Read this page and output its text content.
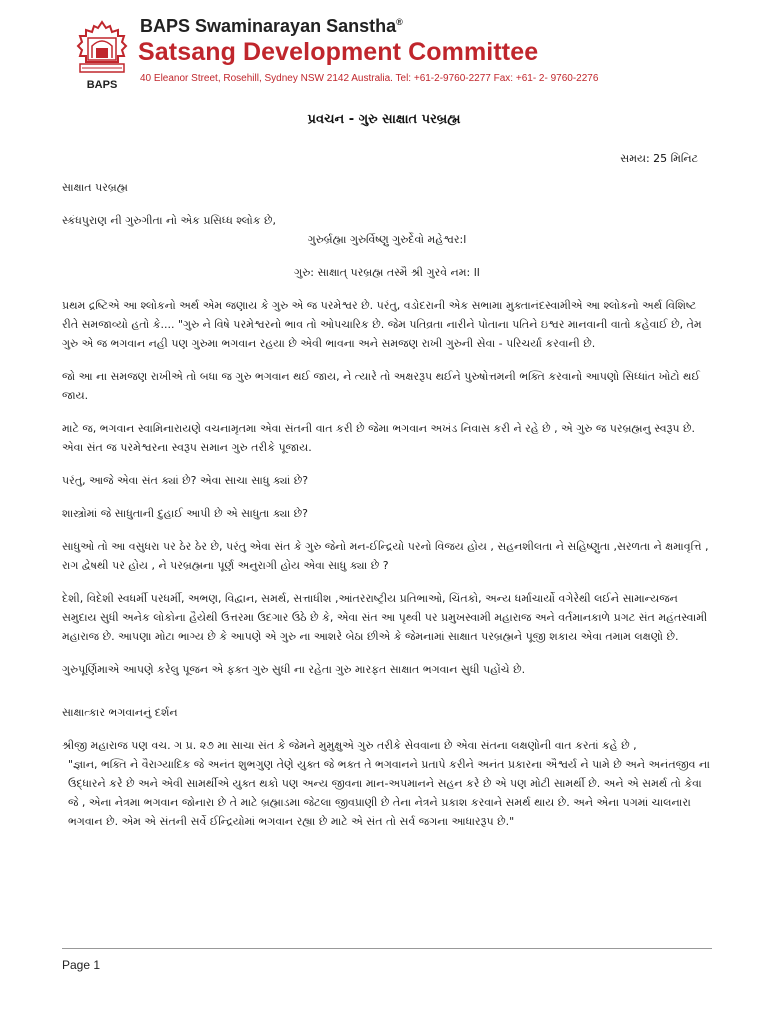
BAPS
BAPS Swaminarayan Sanstha®
Satsang Development Committee
40 Eleanor Street, Rosehill, Sydney NSW 2142 Australia. Tel: +61-2-9760-2277 Fax: +61- 2- 9760-2276
પ્રવચન - ગુરુ સાક્ષાત પરબ્રહ્મ
સમય: 25 મિનિટ

સાક્ષાત પરબ્રહ્મ

સ્કંધપુરાણ ની ગુરુગીતા નો એક પ્રસિધ્ધ શ્લોક છે,

ગુરુર્બ્રહ્મા ગુરુર્વિષ્ણુ ગુરુર્દેવો મહેશ્વર:l

ગુરુ: સાક્ષાત્ પરબ્રહ્મ તસ્મૈ શ્રી ગુરવે નમ: ll

પ્રથમ દ્રષ્ટિએ આ શ્લોકનો અર્થ એમ જણાય કે ગુરુ એ જ પરમેશ્વર છે. પરંતુ, વડોદરાની એક સભામા મુક્તાનંદસ્વામીએ આ શ્લોકનો અર્થ વિશિષ્ટ રીતે સમજાવ્યો હતો કે.... "ગુરુ ને વિષે પરમેશ્વરનો ભાવ તો ઓપચારિક છે. જેમ પતિવ્રતા નારીને પોતાના પતિને ઇશ્વર માનવાની વાતો કહેવાઈ છે, તેમ ગુરુ એ જ ભગવાન નહી પણ ગુરુમા ભગવાન રહયા છે એવી ભાવના અને સમજણ રાખી ગુરુની સેવા - પરિચર્યા કરવાની છે.

જો આ ના સમજણ રાખીએ તો બધા જ ગુરુ ભગવાન થઈ જાય, ને ત્યારે તો અક્ષરરૂપ થઈને પુરુષોત્તમની ભક્તિ કરવાનો આપણો સિધ્ધાંત ખોટો થઈ જાય.

માટે જ, ભગવાન સ્વામિનારાયણે વચનામૃતમા એવા સંતની વાત કરી છે જેમા ભગવાન અખંડ નિવાસ કરી ને રહે છે , એ ગુરુ જ પરબ્રહ્મનુ સ્વરૂપ છે. એવા સંત જ પરમેશ્વરના સ્વરૂપ સમાન ગુરુ તરીકે પૂજાય.

પરંતુ, આજે એવા સંત ક્યાં છે? એવા સાચા સાધુ ક્યાં છે?

શાસ્ત્રોમાં જે સાધુતાની દુહાઈ આપી છે એ સાધુતા ક્યા છે?

સાધુઓ તો આ વસુધરા પર ઠેર ઠેર છે, પરંતુ એવા સંત કે ગુરુ જેનો મન-ઈન્દ્રિયો પરનો વિજય હોય , સહનશીલતા ને સહિષ્ણુતા ,સરળતા ને ક્ષમાવૃત્તિ , રાગ દ્વેષથી પર હોય , ને પરબ્રહ્મના પૂર્ણ અનુરાગી હોય એવા સાધુ ક્યા છે ?

દેશી, વિદેશી સ્વધર્મી પરધર્મી, અભણ, વિદ્વાન, સમર્થ, સત્તાધીશ ,આંતરરાષ્ટ્રીય પ્રતિભાઓ, ચિંતકો, અન્ય ધર્માચાર્યો વગેરેથી લઈને સામાન્યજન સમુદાય સુધી અનેક લોકોના હૈયેથી ઉત્તરમા ઉદગાર ઉઠે છે કે, એવા સંત આ પૃથ્વી પર પ્રમુખસ્વામી મહારાજ અને વર્તમાનકાળે પ્રગટ સંત મહંતસ્વામી મહારાજ છે. આપણા મોટા ભાગ્ય છે કે આપણે એ ગુરુ ના આશરે બેઠા છીએ કે જેમનામાં સાક્ષાત પરબ્રહ્મને પૂજી શકાય એવા તમામ લક્ષણો છે.

ગુરુપૂર્ણિમાએ આપણે કરેલુ પૂજન એ ફક્ત ગુરુ સુધી ના રહેતા ગુરુ મારફત સાક્ષાત ભગવાન સુધી પહોંચે છે.

સાક્ષાત્કાર ભગવાનનું દર્શન

શ્રીજી મહારાજ પણ વચ. ગ પ્ર. ૨૭ મા સાચા સંત કે જેમને મુમુક્ષુએ ગુરુ તરીકે સેવવાના છે એવા સંતના લક્ષણોની વાત કરતાં કહે છે ,

"જ્ઞાન, ભક્તિ ને વૈરાગ્યાદિક જે અનંત શુભગુણ તેણે યુક્ત જે ભક્ત તે ભગવાનને પ્રતાપે કરીને અનંત પ્રકારના ઐશ્વર્ય ને પામે છે અને અનંતજીવ ના ઉદ્ધારને કરે છે અને એવી સામર્થીએ યુક્ત થકો પણ અન્ય જીવના માન-અપમાનને સહન કરે છે એ પણ મોટી સામર્થી છે. અને એ સમર્થ તો કેવા જે , એના નેત્રમા ભગવાન જોનારા છે તે માટે બ્રહ્માડમા જેટલા જીવપ્રાણી છે તેના નેત્રને પ્રકાશ કરવાને સમર્થ થાય છે. અને એના પગમાં ચાલનારા ભગવાન છે. એમ એ સંતની સર્વે ઈન્દ્રિયોમાં ભગવાન રહ્યા છે માટે એ સંત તો સર્વ જગના આધારરૂપ છે."

Page 1
